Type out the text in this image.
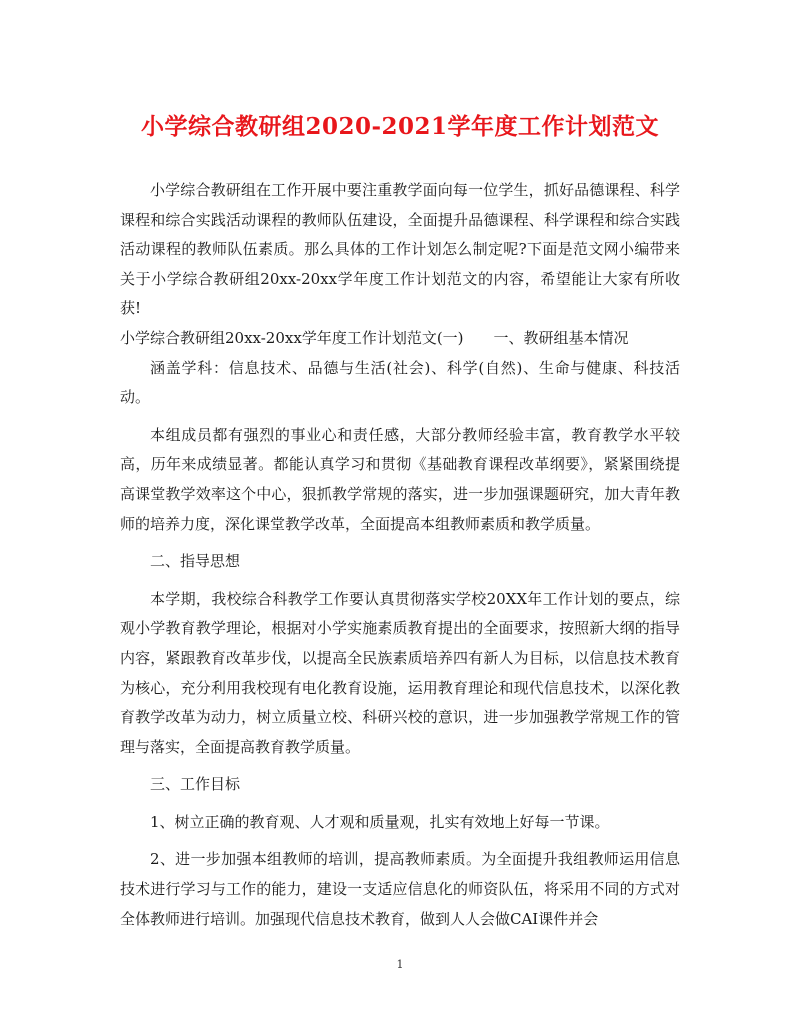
小学综合教研组2020-2021学年度工作计划范文

小学综合教研组在工作开展中要注重教学面向每一位学生，抓好品德课程、科学课程和综合实践活动课程的教师队伍建设，全面提升品德课程、科学课程和综合实践活动课程的教师队伍素质。那么具体的工作计划怎么制定呢?下面是范文网小编带来关于小学综合教研组20xx-20xx学年度工作计划范文的内容，希望能让大家有所收获!

小学综合教研组20xx-20xx学年度工作计划范文(一)　　一、教研组基本情况

涵盖学科：信息技术、品德与生活(社会)、科学(自然)、生命与健康、科技活动。

本组成员都有强烈的事业心和责任感，大部分教师经验丰富，教育教学水平较高，历年来成绩显著。都能认真学习和贯彻《基础教育课程改革纲要》，紧紧围绕提高课堂教学效率这个中心，狠抓教学常规的落实，进一步加强课题研究，加大青年教师的培养力度，深化课堂教学改革，全面提高本组教师素质和教学质量。

二、指导思想

本学期，我校综合科教学工作要认真贯彻落实学校20XX年工作计划的要点，综观小学教育教学理论，根据对小学实施素质教育提出的全面要求，按照新大纲的指导内容，紧跟教育改革步伐，以提高全民族素质培养四有新人为目标，以信息技术教育为核心，充分利用我校现有电化教育设施，运用教育理论和现代信息技术，以深化教育教学改革为动力，树立质量立校、科研兴校的意识，进一步加强教学常规工作的管理与落实，全面提高教育教学质量。

三、工作目标

1、树立正确的教育观、人才观和质量观，扎实有效地上好每一节课。

2、进一步加强本组教师的培训，提高教师素质。为全面提升我组教师运用信息技术进行学习与工作的能力，建设一支适应信息化的师资队伍，将采用不同的方式对全体教师进行培训。加强现代信息技术教育，做到人人会做CAI课件并会

1
